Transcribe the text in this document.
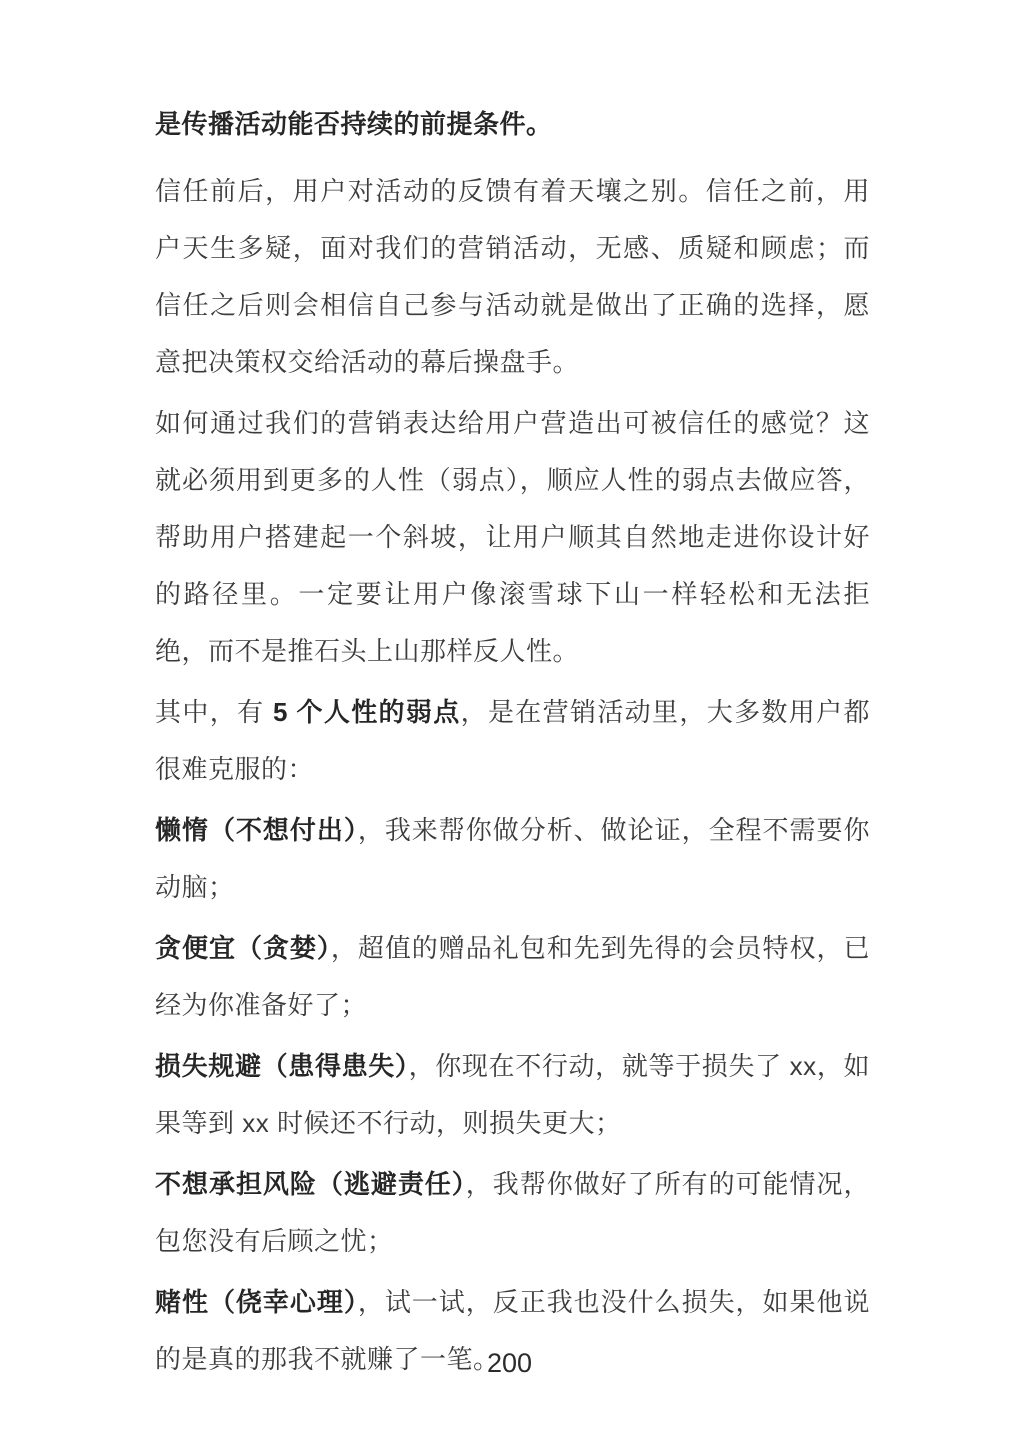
是传播活动能否持续的前提条件。

信任前后，用户对活动的反馈有着天壤之别。信任之前，用户天生多疑，面对我们的营销活动，无感、质疑和顾虑；而信任之后则会相信自己参与活动就是做出了正确的选择，愿意把决策权交给活动的幕后操盘手。

如何通过我们的营销表达给用户营造出可被信任的感觉？这就必须用到更多的人性（弱点），顺应人性的弱点去做应答，帮助用户搭建起一个斜坡，让用户顺其自然地走进你设计好的路径里。一定要让用户像滚雪球下山一样轻松和无法拒绝，而不是推石头上山那样反人性。

其中，有 5 个人性的弱点，是在营销活动里，大多数用户都很难克服的：

懒惰（不想付出），我来帮你做分析、做论证，全程不需要你动脑；

贪便宜（贪婪），超值的赠品礼包和先到先得的会员特权，已经为你准备好了；

损失规避（患得患失），你现在不行动，就等于损失了 xx，如果等到 xx 时候还不行动，则损失更大；

不想承担风险（逃避责任），我帮你做好了所有的可能情况，包您没有后顾之忧；

赌性（侥幸心理），试一试，反正我也没什么损失，如果他说的是真的那我不就赚了一笔。

200
